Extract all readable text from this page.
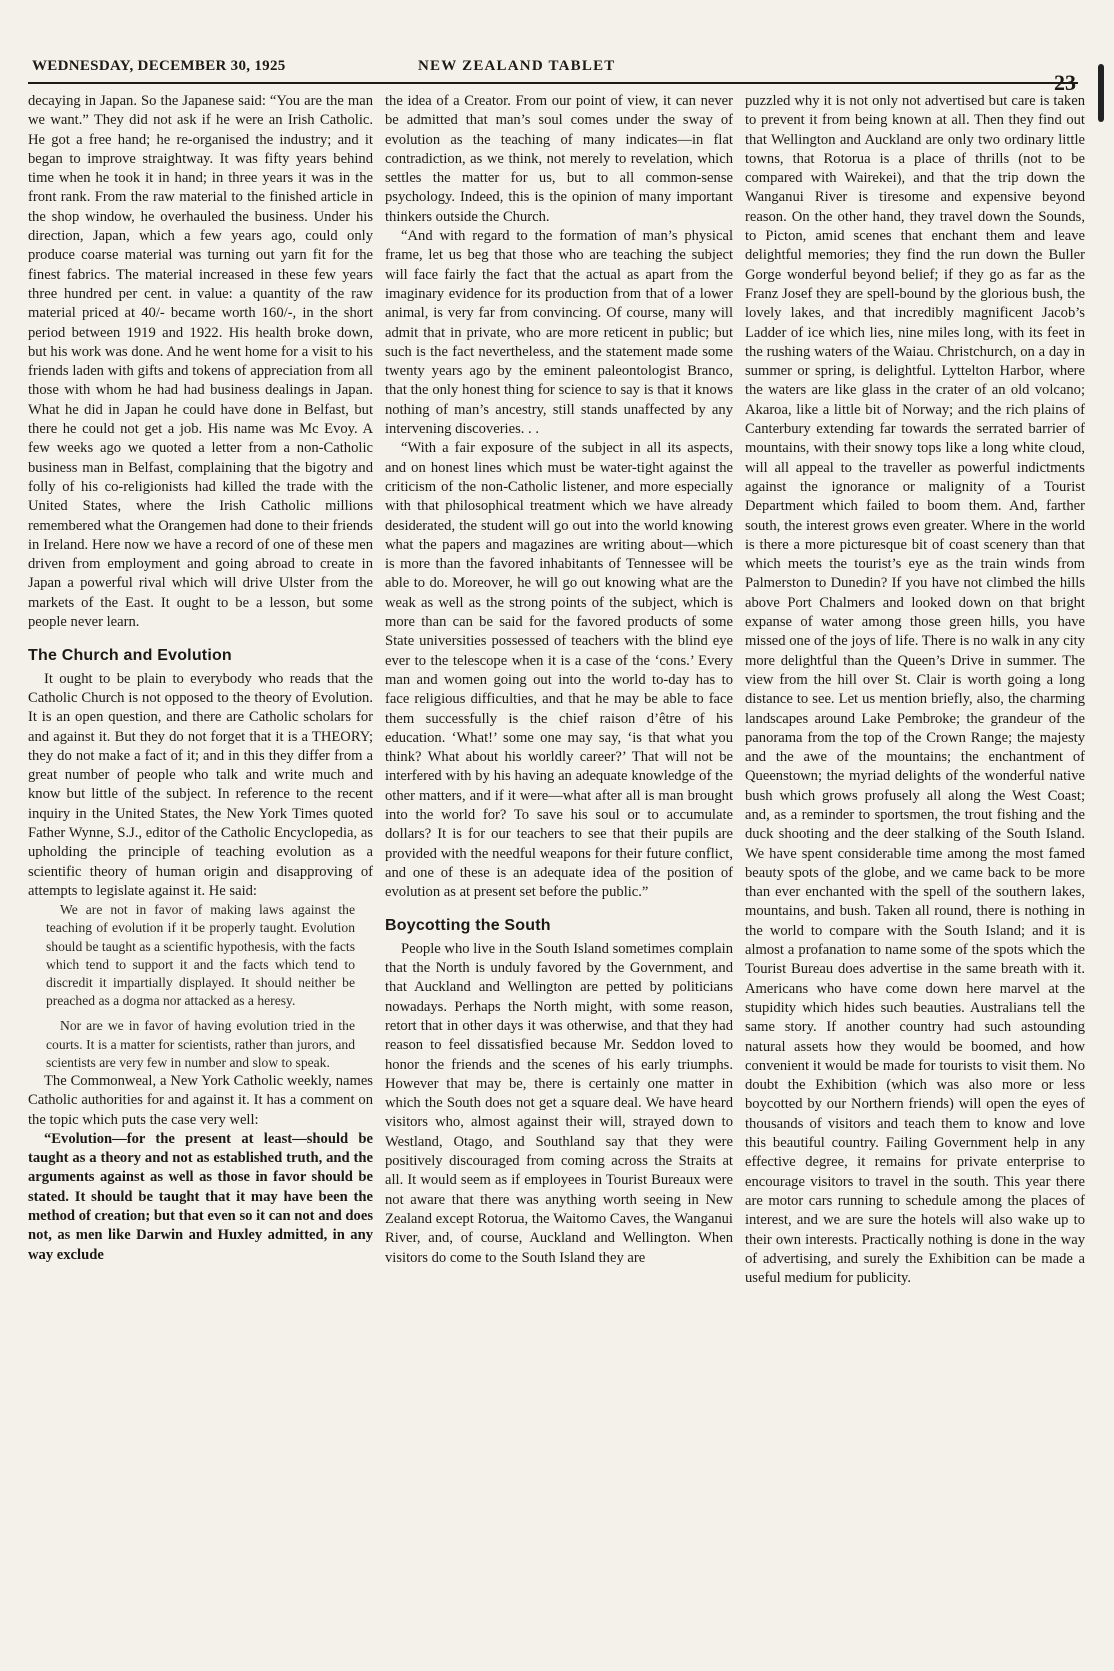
WEDNESDAY, DECEMBER 30, 1925	NEW ZEALAND TABLET
23

decaying in Japan. So the Japanese said: “You are the man we want.” They did not ask if he were an Irish Catholic. He got a free hand; he re-organised the industry; and it began to improve straightway. It was fifty years behind time when he took it in hand; in three years it was in the front rank. From the raw material to the finished article in the shop window, he overhauled the business. Under his direction, Japan, which a few years ago, could only produce coarse material was turning out yarn fit for the finest fabrics. The material increased in these few years three hundred per cent. in value: a quantity of the raw material priced at 40/- became worth 160/-, in the short period between 1919 and 1922. His health broke down, but his work was done. And he went home for a visit to his friends laden with gifts and tokens of appreciation from all those with whom he had had business dealings in Japan. What he did in Japan he could have done in Belfast, but there he could not get a job. His name was Mc Evoy. A few weeks ago we quoted a letter from a non-Catholic business man in Belfast, complaining that the bigotry and folly of his co-religionists had killed the trade with the United States, where the Irish Catholic millions remembered what the Orangemen had done to their friends in Ireland. Here now we have a record of one of these men driven from employment and going abroad to create in Japan a powerful rival which will drive Ulster from the markets of the East. It ought to be a lesson, but some people never learn.

The Church and Evolution

It ought to be plain to everybody who reads that the Catholic Church is not opposed to the theory of Evolution. It is an open question, and there are Catholic scholars for and against it. But they do not forget that it is a THEORY; they do not make a fact of it; and in this they differ from a great number of people who talk and write much and know but little of the subject. In reference to the recent inquiry in the United States, the New York Times quoted Father Wynne, S.J., editor of the Catholic Encyclopedia, as upholding the principle of teaching evolution as a scientific theory of human origin and disapproving of attempts to legislate against it. He said:

We are not in favor of making laws against the teaching of evolution if it be properly taught. Evolution should be taught as a scientific hypothesis, with the facts which tend to support it and the facts which tend to discredit it impartially displayed. It should neither be preached as a dogma nor attacked as a heresy.

Nor are we in favor of having evolution tried in the courts. It is a matter for scientists, rather than jurors, and scientists are very few in number and slow to speak.

The Commonweal, a New York Catholic weekly, names Catholic authorities for and against it. It has a comment on the topic which puts the case very well:

“Evolution—for the present at least—should be taught as a theory and not as established truth, and the arguments against as well as those in favor should be stated. It should be taught that it may have been the method of creation; but that even so it can not and does not, as men like Darwin and Huxley admitted, in any way exclude

the idea of a Creator. From our point of view, it can never be admitted that man’s soul comes under the sway of evolution as the teaching of many indicates—in flat contradiction, as we think, not merely to revelation, which settles the matter for us, but to all common-sense psychology. Indeed, this is the opinion of many important thinkers outside the Church.

“And with regard to the formation of man’s physical frame, let us beg that those who are teaching the subject will face fairly the fact that the actual as apart from the imaginary evidence for its production from that of a lower animal, is very far from convincing. Of course, many will admit that in private, who are more reticent in public; but such is the fact nevertheless, and the statement made some twenty years ago by the eminent paleontologist Branco, that the only honest thing for science to say is that it knows nothing of man’s ancestry, still stands unaffected by any intervening discoveries. . .

“With a fair exposure of the subject in all its aspects, and on honest lines which must be water-tight against the criticism of the non-Catholic listener, and more especially with that philosophical treatment which we have already desiderated, the student will go out into the world knowing what the papers and magazines are writing about—which is more than the favored inhabitants of Tennessee will be able to do. Moreover, he will go out knowing what are the weak as well as the strong points of the subject, which is more than can be said for the favored products of some State universities possessed of teachers with the blind eye ever to the telescope when it is a case of the ‘cons.’ Every man and women going out into the world to-day has to face religious difficulties, and that he may be able to face them successfully is the chief raison d’être of his education. ‘What!’ some one may say, ‘is that what you think? What about his worldly career?’ That will not be interfered with by his having an adequate knowledge of the other matters, and if it were—what after all is man brought into the world for? To save his soul or to accumulate dollars? It is for our teachers to see that their pupils are provided with the needful weapons for their future conflict, and one of these is an adequate idea of the position of evolution as at present set before the public.”

Boycotting the South

People who live in the South Island sometimes complain that the North is unduly favored by the Government, and that Auckland and Wellington are petted by politicians nowadays. Perhaps the North might, with some reason, retort that in other days it was otherwise, and that they had reason to feel dissatisfied because Mr. Seddon loved to honor the friends and the scenes of his early triumphs. However that may be, there is certainly one matter in which the South does not get a square deal. We have heard visitors who, almost against their will, strayed down to Westland, Otago, and Southland say that they were positively discouraged from coming across the Straits at all. It would seem as if employees in Tourist Bureaux were not aware that there was anything worth seeing in New Zealand except Rotorua, the Waitomo Caves, the Wanganui River, and, of course, Auckland and Wellington. When visitors do come to the South Island they are

puzzled why it is not only not advertised but care is taken to prevent it from being known at all. Then they find out that Wellington and Auckland are only two ordinary little towns, that Rotorua is a place of thrills (not to be compared with Wairekei), and that the trip down the Wanganui River is tiresome and expensive beyond reason. On the other hand, they travel down the Sounds, to Picton, amid scenes that enchant them and leave delightful memories; they find the run down the Buller Gorge wonderful beyond belief; if they go as far as the Franz Josef they are spell-bound by the glorious bush, the lovely lakes, and that incredibly magnificent Jacob’s Ladder of ice which lies, nine miles long, with its feet in the rushing waters of the Waiau. Christchurch, on a day in summer or spring, is delightful. Lyttelton Harbor, where the waters are like glass in the crater of an old volcano; Akaroa, like a little bit of Norway; and the rich plains of Canterbury extending far towards the serrated barrier of mountains, with their snowy tops like a long white cloud, will all appeal to the traveller as powerful indictments against the ignorance or malignity of a Tourist Department which failed to boom them. And, farther south, the interest grows even greater. Where in the world is there a more picturesque bit of coast scenery than that which meets the tourist’s eye as the train winds from Palmerston to Dunedin? If you have not climbed the hills above Port Chalmers and looked down on that bright expanse of water among those green hills, you have missed one of the joys of life. There is no walk in any city more delightful than the Queen’s Drive in summer. The view from the hill over St. Clair is worth going a long distance to see. Let us mention briefly, also, the charming landscapes around Lake Pembroke; the grandeur of the panorama from the top of the Crown Range; the majesty and the awe of the mountains; the enchantment of Queenstown; the myriad delights of the wonderful native bush which grows profusely all along the West Coast; and, as a reminder to sportsmen, the trout fishing and the duck shooting and the deer stalking of the South Island. We have spent considerable time among the most famed beauty spots of the globe, and we came back to be more than ever enchanted with the spell of the southern lakes, mountains, and bush. Taken all round, there is nothing in the world to compare with the South Island; and it is almost a profanation to name some of the spots which the Tourist Bureau does advertise in the same breath with it. Americans who have come down here marvel at the stupidity which hides such beauties. Australians tell the same story. If another country had such astounding natural assets how they would be boomed, and how convenient it would be made for tourists to visit them. No doubt the Exhibition (which was also more or less boycotted by our Northern friends) will open the eyes of thousands of visitors and teach them to know and love this beautiful country. Failing Government help in any effective degree, it remains for private enterprise to encourage visitors to travel in the south. This year there are motor cars running to schedule among the places of interest, and we are sure the hotels will also wake up to their own interests. Practically nothing is done in the way of advertising, and surely the Exhibition can be made a useful medium for publicity.
